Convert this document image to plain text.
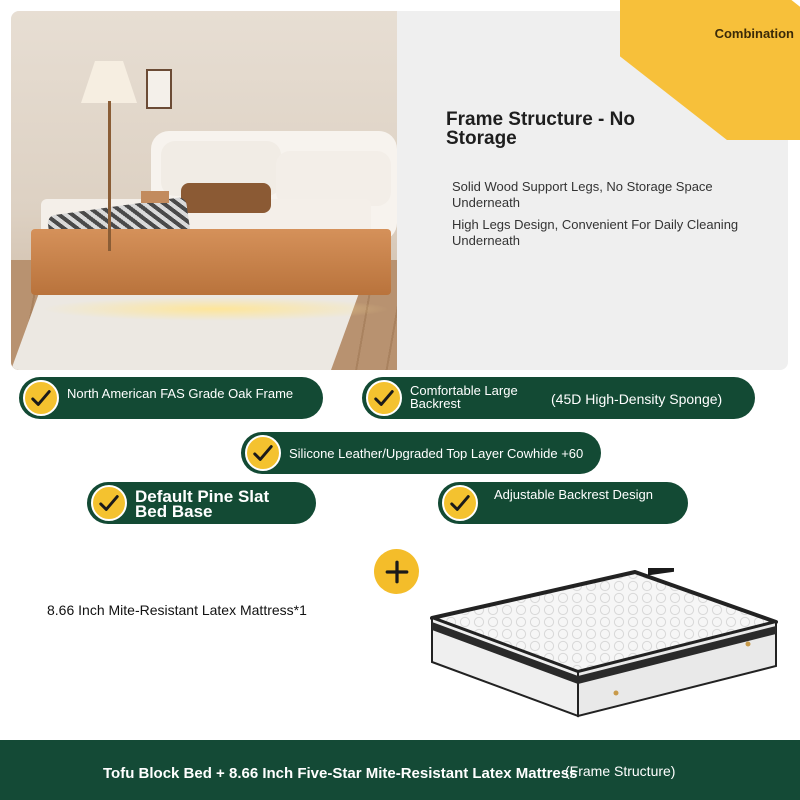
Combination
Frame Structure - No Storage
Solid Wood Support Legs, No Storage Space Underneath
High Legs Design, Convenient For Daily Cleaning Underneath
North American FAS Grade Oak Frame	Comfortable Large Backrest	(45D High-Density Sponge)
Silicone Leather/Upgraded Top Layer Cowhide +60
Default Pine Slat Bed Base
Adjustable Backrest Design
8.66 Inch Mite-Resistant Latex Mattress*1
Tofu Block Bed + 8.66 Inch Five-Star Mite-Resistant Latex Mattress
(Frame Structure)
